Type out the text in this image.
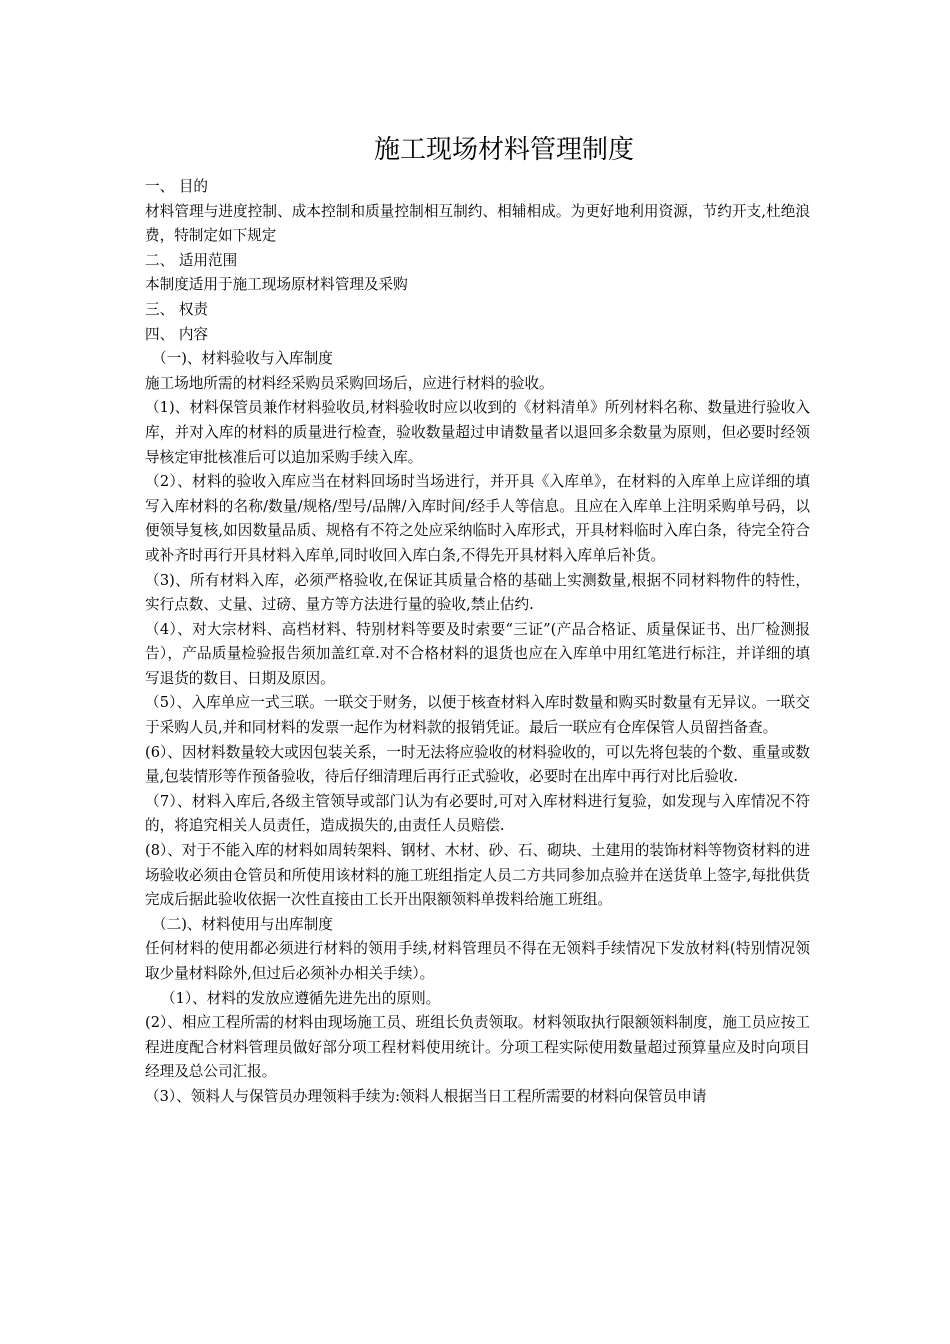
施工现场材料管理制度

一、 目的

材料管理与进度控制、成本控制和质量控制相互制约、相辅相成。为更好地利用资源，节约开支,杜绝浪费，特制定如下规定

二、 适用范围

本制度适用于施工现场原材料管理及采购

三、 权责

四、 内容

（一)、材料验收与入库制度

施工场地所需的材料经采购员采购回场后，应进行材料的验收。

（1)、材料保管员兼作材料验收员,材料验收时应以收到的《材料清单》所列材料名称、数量进行验收入库，并对入库的材料的质量进行检查，验收数量超过申请数量者以退回多余数量为原则，但必要时经领导核定审批核准后可以追加采购手续入库。

（2）、材料的验收入库应当在材料回场时当场进行，并开具《入库单》，在材料的入库单上应详细的填写入库材料的名称/数量/规格/型号/品牌/入库时间/经手人等信息。且应在入库单上注明采购单号码，以便领导复核,如因数量品质、规格有不符之处应采纳临时入库形式，开具材料临时入库白条，待完全符合或补齐时再行开具材料入库单,同时收回入库白条,不得先开具材料入库单后补货。

（3)、所有材料入库，必须严格验收,在保证其质量合格的基础上实测数量,根据不同材料物件的特性，实行点数、丈量、过磅、量方等方法进行量的验收,禁止估约.

（4）、对大宗材料、高档材料、特别材料等要及时索要“三证”(产品合格证、质量保证书、出厂检测报告），产品质量检验报告须加盖红章.对不合格材料的退货也应在入库单中用红笔进行标注，并详细的填写退货的数目、日期及原因。

（5）、入库单应一式三联。一联交于财务，以便于核查材料入库时数量和购买时数量有无异议。一联交于采购人员,并和同材料的发票一起作为材料款的报销凭证。最后一联应有仓库保管人员留挡备查。

(6）、因材料数量较大或因包装关系，一时无法将应验收的材料验收的，可以先将包装的个数、重量或数量,包装情形等作预备验收，待后仔细清理后再行正式验收，必要时在出库中再行对比后验收.

（7）、材料入库后,各级主管领导或部门认为有必要时,可对入库材料进行复验，如发现与入库情况不符的，将追究相关人员责任，造成损失的,由责任人员赔偿.

(8）、对于不能入库的材料如周转架料、钢材、木材、砂、石、砌块、土建用的装饰材料等物资材料的进场验收必须由仓管员和所使用该材料的施工班组指定人员二方共同参加点验并在送货单上签字,每批供货完成后据此验收依据一次性直接由工长开出限额领料单拨料给施工班组。

（二)、材料使用与出库制度

任何材料的使用都必须进行材料的领用手续,材料管理员不得在无领料手续情况下发放材料(特别情况领取少量材料除外,但过后必须补办相关手续）。

（1）、材料的发放应遵循先进先出的原则。

(2）、相应工程所需的材料由现场施工员、班组长负责领取。材料领取执行限额领料制度，施工员应按工程进度配合材料管理员做好部分项工程材料使用统计。分项工程实际使用数量超过预算量应及时向项目经理及总公司汇报。

（3）、领料人与保管员办理领料手续为:领料人根据当日工程所需要的材料向保管员申请
